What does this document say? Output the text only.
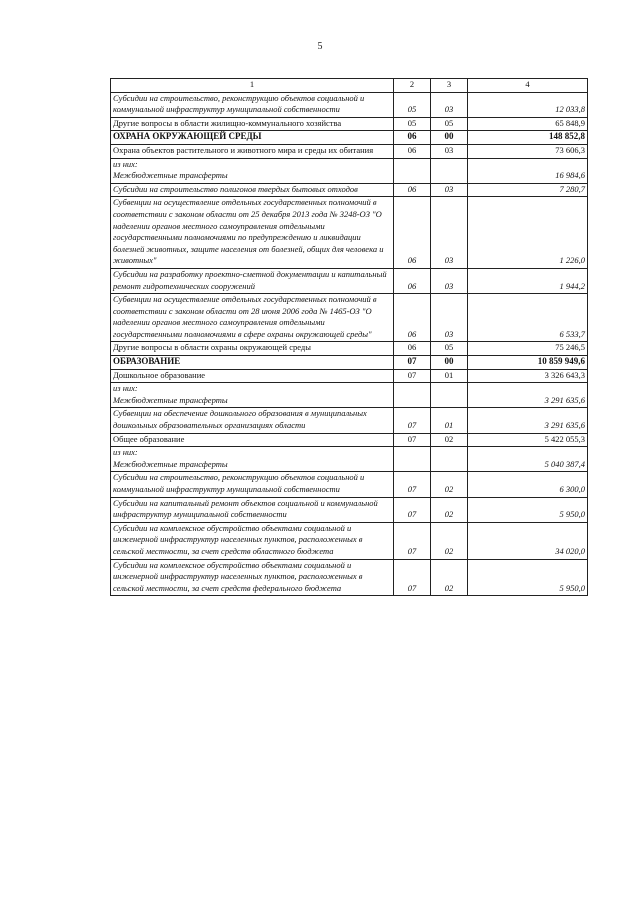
5
1	2	3	4
Субсидии на строительство, реконструкцию объектов социальной и коммунальной инфраструктур муниципальной собственности	05	03	12 033,8
Другие вопросы в области жилищно-коммунального хозяйства	05	05	65 848,9
ОХРАНА ОКРУЖАЮЩЕЙ СРЕДЫ	06	00	148 852,8
Охрана объектов растительного и животного мира и среды их обитания	06	03	73 606,3
из них:
Межбюджетные трансферты			16 984,6
Субсидии на строительство полигонов твердых бытовых отходов	06	03	7 280,7
Субвенции на осуществление отдельных государственных полномочий в соответствии с законом области от 25 декабря 2013 года № 3248-ОЗ "О наделении органов местного самоуправления отдельными государственными полномочиями по предупреждению и ликвидации болезней животных, защите населения от болезней, общих для человека и животных"	06	03	1 226,0
Субсидии на разработку проектно-сметной документации и капитальный ремонт гидротехнических сооружений	06	03	1 944,2
Субвенции на осуществление отдельных государственных полномочий в соответствии с законом области от 28 июня 2006 года № 1465-ОЗ "О наделении органов местного самоуправления отдельными государственными полномочиями в сфере охраны окружающей среды"	06	03	6 533,7
Другие вопросы в области охраны окружающей среды	06	05	75 246,5
ОБРАЗОВАНИЕ	07	00	10 859 949,6
Дошкольное образование	07	01	3 326 643,3
из них:
Межбюджетные трансферты			3 291 635,6
Субвенции на обеспечение дошкольного образования в муниципальных дошкольных образовательных организациях области	07	01	3 291 635,6
Общее образование	07	02	5 422 055,3
из них:
Межбюджетные трансферты			5 040 387,4
Субсидии на строительство, реконструкцию объектов социальной и коммунальной инфраструктур муниципальной собственности	07	02	6 300,0
Субсидии на капитальный ремонт объектов социальной и коммунальной инфраструктур муниципальной собственности	07	02	5 950,0
Субсидии на комплексное обустройство объектами социальной и инженерной инфраструктур населенных пунктов, расположенных в сельской местности, за счет средств областного бюджета	07	02	34 020,0
Субсидии на комплексное обустройство объектами социальной и инженерной инфраструктур населенных пунктов, расположенных в сельской местности, за счет средств федерального бюджета	07	02	5 950,0
